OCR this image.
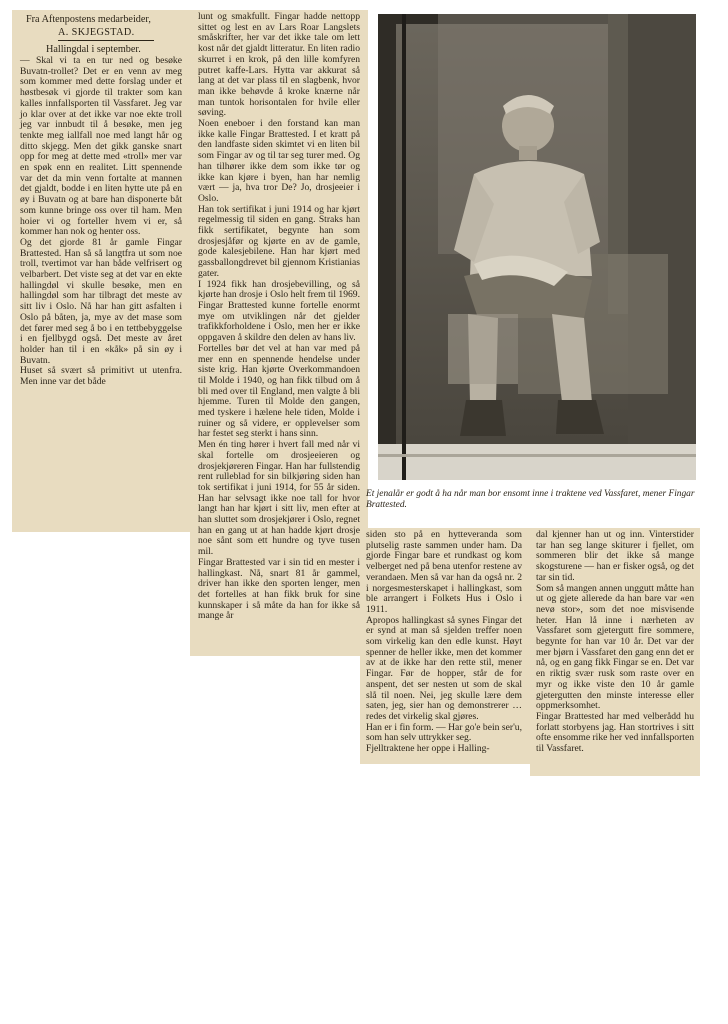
Fra Aftenpostens medarbeider,

A. SKJEGSTAD.

Hallingdal i september.

— Skal vi ta en tur ned og besøke Buvatn-trollet? Det er en venn av meg som kommer med dette forslag under et høstbesøk vi gjorde til trakter som kan kalles innfallsporten til Vassfaret. Jeg var jo klar over at det ikke var noe ekte troll jeg var innbudt til å besøke, men jeg tenkte meg iallfall noe med langt hår og ditto skjegg. Men det gikk ganske snart opp for meg at dette med «troll» mer var en spøk enn en realitet. Litt spennende var det da min venn fortalte at mannen det gjaldt, bodde i en liten hytte ute på en øy i Buvatn og at bare han disponerte båt som kunne bringe oss over til ham. Men hoier vi og forteller hvem vi er, så kommer han nok og henter oss.
Og det gjorde 81 år gamle Fingar Brattested. Han så så langtfra ut som noe troll, tvertimot var han både velfrisert og velbarbert. Det viste seg at det var en ekte hallingdøl vi skulle besøke, men en hallingdøl som har tilbragt det meste av sitt liv i Oslo. Nå har han gitt asfalten i Oslo på båten, ja, mye av det mase som det fører med seg å bo i en tettbebyggelse i en fjellbygd også. Det meste av året holder han til i en «kåk» på sin øy i Buvatn.
Huset så svært så primitivt ut utenfra. Men inne var det både

lunt og smakfullt. Fingar hadde nettopp sittet og lest en av Lars Roar Langslets småskrifter, her var det ikke tale om lett kost når det gjaldt litteratur. En liten radio skurret i en krok, på den lille komfyren putret kaffe-Lars. Hytta var akkurat så lang at det var plass til en slagbenk, hvor man ikke behøvde å kroke knærne når man tuntok horisontalen for hvile eller søving.
Noen eneboer i den forstand kan man ikke kalle Fingar Brattested. I et kratt på den landfaste siden skimtet vi en liten bil som Fingar av og til tar seg turer med. Og han tilhører ikke dem som ikke tør og ikke kan kjøre i byen, han har nemlig vært — ja, hva tror De? Jo, drosjeeier i Oslo.
Han tok sertifikat i juni 1914 og har kjørt regelmessig til siden en gang. Straks han fikk sertifikatet, begynte han som drosjesjåfør og kjørte en av de gamle, gode kalesjebilene. Han har kjørt med gassballongdrevet bil gjennom Kristianias gater.
I 1924 fikk han drosjebevilling, og så kjørte han drosje i Oslo helt frem til 1969. Fingar Brattested kunne fortelle enormt mye om utviklingen når det gjelder trafikkforholdene i Oslo, men her er ikke oppgaven å skildre den delen av hans liv.
Fortelles bør det vel at han var med på mer enn en spennende hendelse under siste krig. Han kjørte Overkommandoen til Molde i 1940, og han fikk tilbud om å bli med over til England, men valgte å bli hjemme. Turen til Molde den gangen, med tyskere i hælene hele tiden, Molde i ruiner og så videre, er opplevelser som har festet seg sterkt i hans sinn.
Men én ting hører i hvert fall med når vi skal fortelle om drosjeeieren og drosjekjøreren Fingar. Han har fullstendig rent rulleblad for sin bilkjøring siden han tok sertifikat i juni 1914, for 55 år siden. Han har selvsagt ikke noe tall for hvor langt han har kjørt i sitt liv, men efter at han sluttet som drosjekjører i Oslo, regnet han en gang ut at han hadde kjørt drosje noe sånt som ett hundre og tyve tusen mil.
Fingar Brattested var i sin tid en mester i hallingkast. Nå, snart 81 år gammel, driver han ikke den sporten lenger, men det fortelles at han fikk bruk for sine kunnskaper i så måte da han for ikke så mange år

Et jenalår er godt å ha når man bor ensomt inne i traktene ved Vassfaret, mener Fingar Brattested.

siden sto på en hytteveranda som plutselig raste sammen under ham. Da gjorde Fingar bare et rundkast og kom velberget ned på bena utenfor restene av verandaen. Men så var han da også nr. 2 i norgesmesterskapet i hallingkast, som ble arrangert i Folkets Hus i Oslo i 1911.
Apropos hallingkast så synes Fingar det er synd at man så sjelden treffer noen som virkelig kan den edle kunst. Høyt spenner de heller ikke, men det kommer av at de ikke har den rette stil, mener Fingar. Før de hopper, står de for anspent, det ser nesten ut som de skal slå til noen. Nei, jeg skulle lære dem saten, jeg, sier han og demonstrerer … redes det virkelig skal gjøres.
Han er i fin form. — Har go'e bein ser'u, som han selv uttrykker seg.
Fjelltraktene her oppe i Halling-

dal kjenner han ut og inn. Vinterstider tar han seg lange skiturer i fjellet, om sommeren blir det ikke så mange skogsturene — han er fisker også, og det tar sin tid.
Som så mangen annen unggutt måtte han ut og gjete allerede da han bare var «en nevø stor», som det noe misvisende heter. Han lå inne i nærheten av Vassfaret som gjetergutt fire sommere, begynte for han var 10 år. Det var der mer bjørn i Vassfaret den gang enn det er nå, og en gang fikk Fingar se en. Det var en riktig svær rusk som raste over en myr og ikke viste den 10 år gamle gjetergutten den minste interesse eller oppmerksomhet.
Fingar Brattested har med velberådd hu forlatt storbyens jag. Han stortrives i sitt ofte ensomme rike her ved innfallsporten til Vassfaret.
